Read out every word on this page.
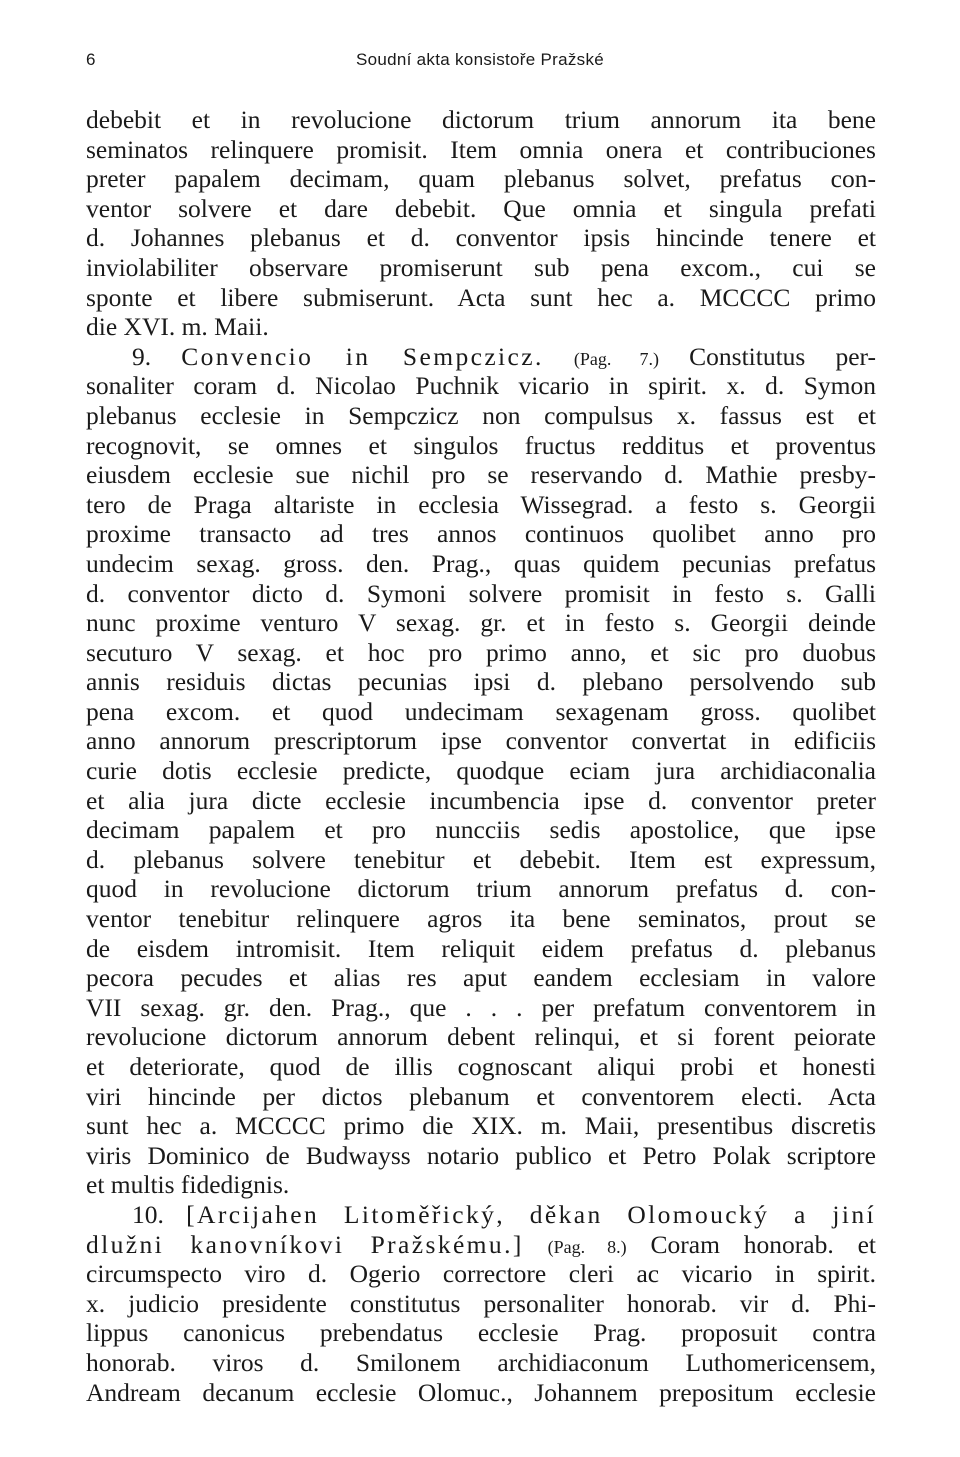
6	Soudní akta konsistoře Pražské
debebit et in revolucione dictorum trium annorum ita bene
seminatos relinquere promisit. Item omnia onera et contribuciones
preter papalem decimam, quam plebanus solvet, prefatus con-
ventor solvere et dare debebit. Que omnia et singula prefati
d. Johannes plebanus et d. conventor ipsis hincinde tenere et
inviolabiliter observare promiserunt sub pena excom., cui se
sponte et libere submiserunt. Acta sunt hec a. MCCCC primo
die XVI. m. Maii.
9. Convencio in Sempczicz. (Pag. 7.) Constitutus per-
sonaliter coram d. Nicolao Puchnik vicario in spirit. x. d. Symon
plebanus ecclesie in Sempczicz non compulsus x. fassus est et
recognovit, se omnes et singulos fructus redditus et proventus
eiusdem ecclesie sue nichil pro se reservando d. Mathie presby-
tero de Praga altariste in ecclesia Wissegrad. a festo s. Georgii
proxime transacto ad tres annos continuos quolibet anno pro
undecim sexag. gross. den. Prag., quas quidem pecunias prefatus
d. conventor dicto d. Symoni solvere promisit in festo s. Galli
nunc proxime venturo V sexag. gr. et in festo s. Georgii deinde
secuturo V sexag. et hoc pro primo anno, et sic pro duobus
annis residuis dictas pecunias ipsi d. plebano persolvendo sub
pena excom. et quod undecimam sexagenam gross. quolibet
anno annorum prescriptorum ipse conventor convertat in edificiis
curie dotis ecclesie predicte, quodque eciam jura archidiaconalia
et alia jura dicte ecclesie incumbencia ipse d. conventor preter
decimam papalem et pro nuncciis sedis apostolice, que ipse
d. plebanus solvere tenebitur et debebit. Item est expressum,
quod in revolucione dictorum trium annorum prefatus d. con-
ventor tenebitur relinquere agros ita bene seminatos, prout se
de eisdem intromisit. Item reliquit eidem prefatus d. plebanus
pecora pecudes et alias res aput eandem ecclesiam in valore
VII sexag. gr. den. Prag., que . . . per prefatum conventorem in
revolucione dictorum annorum debent relinqui, et si forent peiorate
et deteriorate, quod de illis cognoscant aliqui probi et honesti
viri hincinde per dictos plebanum et conventorem electi. Acta
sunt hec a. MCCCC primo die XIX. m. Maii, presentibus discretis
viris Dominico de Budwayss notario publico et Petro Polak scriptore
et multis fidedignis.
10. [Arcijahen Litoměřický, děkan Olomoucký a jiní
dlužni kanovníkovi Pražskému.] (Pag. 8.) Coram honorab. et
circumspecto viro d. Ogerio correctore cleri ac vicario in spirit.
x. judicio presidente constitutus personaliter honorab. vir d. Phi-
lippus canonicus prebendatus ecclesie Prag. proposuit contra
honorab. viros d. Smilonem archidiaconum Luthomericensem,
Andream decanum ecclesie Olomuc., Johannem prepositum ecclesie
